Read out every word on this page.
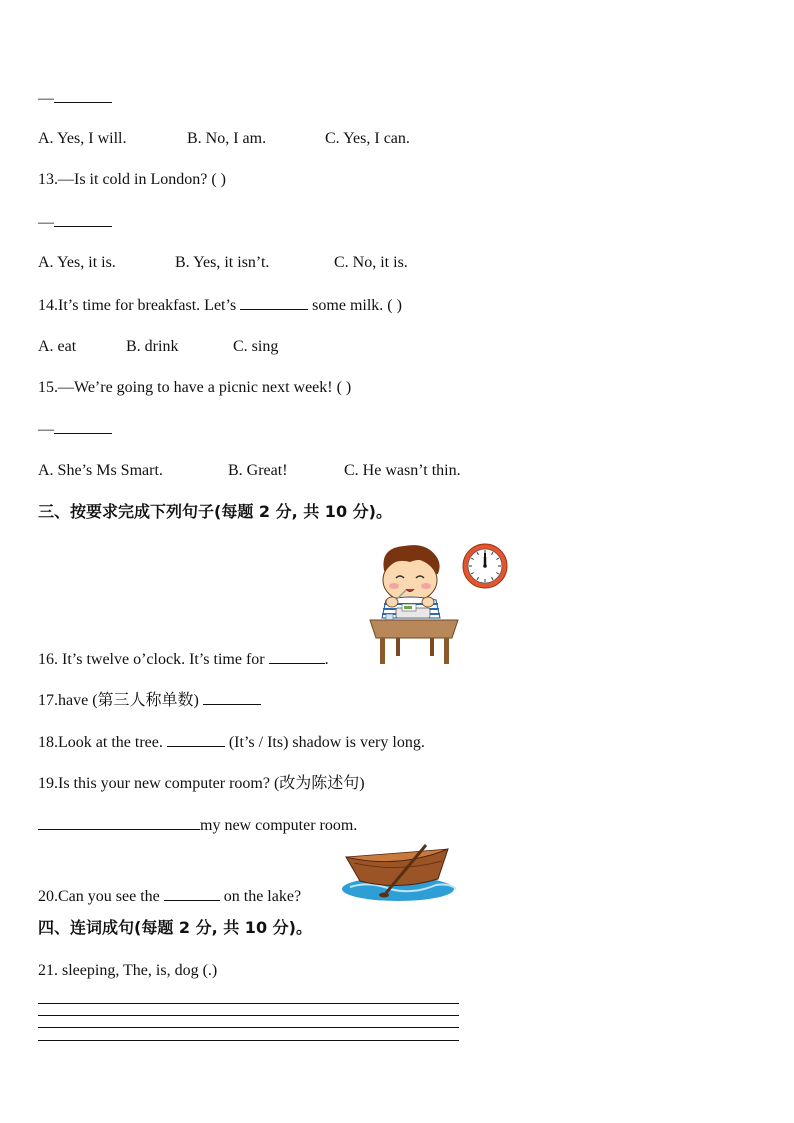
—

A. Yes, I will.	B. No, I am.	C. Yes, I can.

13.—Is it cold in London? ( )

—

A. Yes, it is.	B. Yes, it isn’t.	C. No, it is.

14.It’s time for breakfast. Let’s	some milk. ( )

A. eat	B. drink	C. sing

15.—We’re going to have a picnic next week! ( )

—

A. She’s Ms Smart.	B. Great!	C. He wasn’t thin.
三、按要求完成下列句子(每题 2 分, 共 10 分)。

16. It’s twelve o’clock. It’s time for	.

17.have (第三人称单数)

18.Look at the tree.	(It’s / Its) shadow is very long.

19.Is this your new computer room? (改为陈述句)

my new computer room.

20.Can you see the	on the lake?

四、连词成句(每题 2 分, 共 10 分)。

21. sleeping, The, is, dog (.)
